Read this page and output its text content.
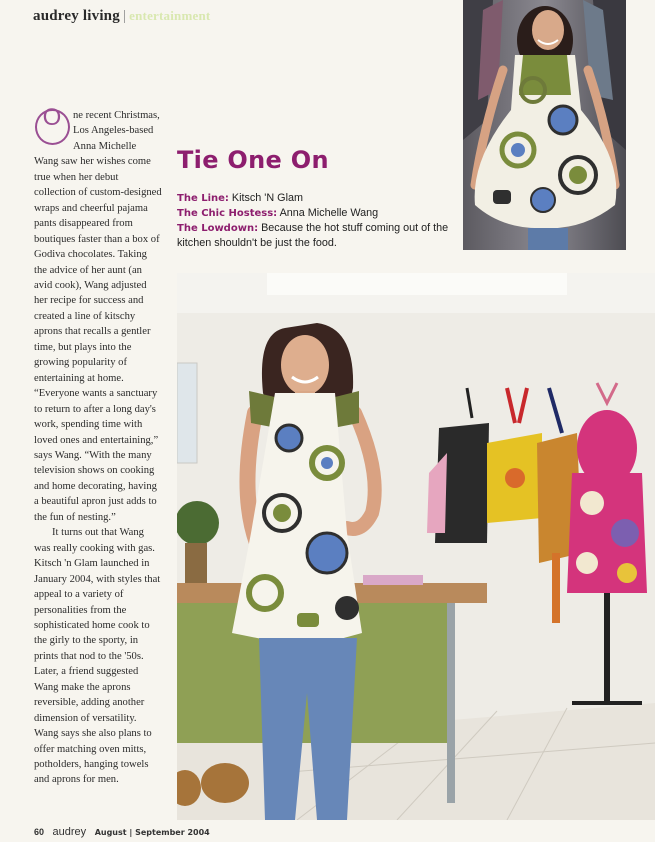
audrey living | entertainment
Tie One On
The Line: Kitsch 'N Glam
The Chic Hostess: Anna Michelle Wang
The Lowdown: Because the hot stuff coming out of the kitchen shouldn't be just the food.

O	ne recent Christmas, Los Angeles-based Anna Michelle Wang saw her wishes come true when her debut collection of custom-designed wraps and cheerful pajama pants disappeared from boutiques faster than a box of Godiva chocolates. Taking the advice of her aunt (an avid cook), Wang adjusted her recipe for success and created a line of kitschy aprons that recalls a gentler time, but plays into the growing popularity of entertaining at home. “Everyone wants a sanctuary to return to after a long day's work, spending time with loved ones and entertaining,” says Wang. “With the many television shows on cooking and home decorating, having a beautiful apron just adds to the fun of nesting.”

It turns out that Wang was really cooking with gas. Kitsch 'n Glam launched in January 2004, with styles that appeal to a variety of personalities from the sophisticated home cook to the girly to the sporty, in prints that nod to the '50s. Later, a friend suggested Wang make the aprons reversible, adding another dimension of versatility. Wang says she also plans to offer matching oven mitts, potholders, hanging towels and aprons for men.

60 audrey August | September 2004
